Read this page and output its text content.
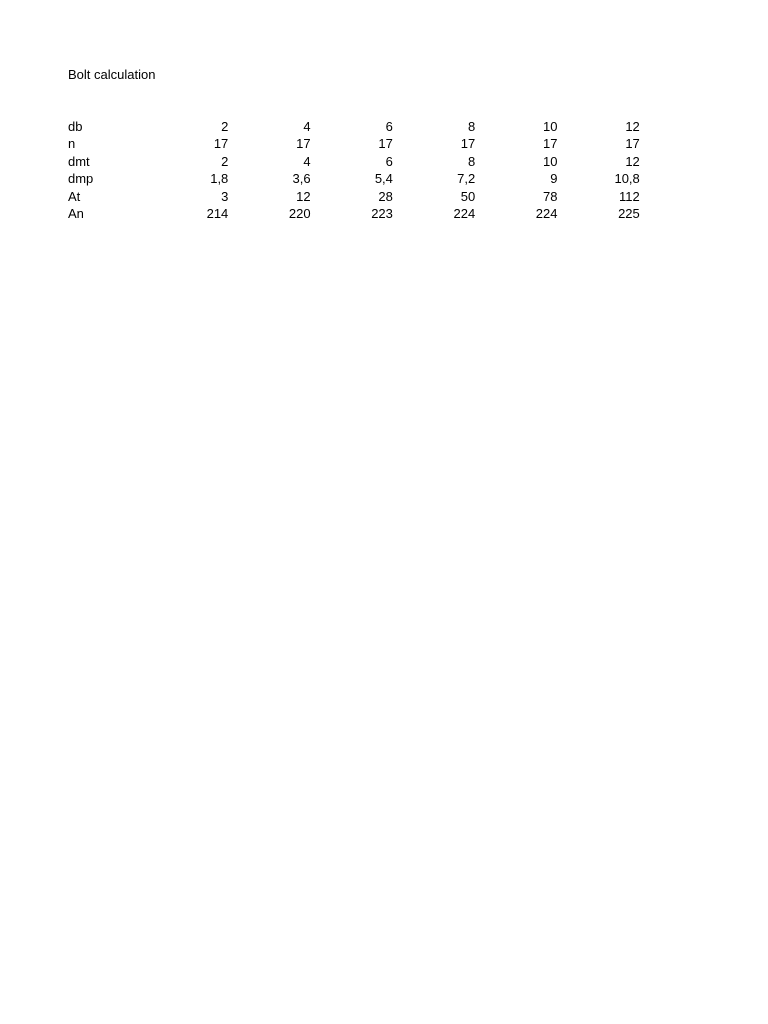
Bolt calculation
db	2	4	6	8	10	12
n	17	17	17	17	17	17
dmt	2	4	6	8	10	12
dmp	1,8	3,6	5,4	7,2	9	10,8
At	3	12	28	50	78	112
An	214	220	223	224	224	225
